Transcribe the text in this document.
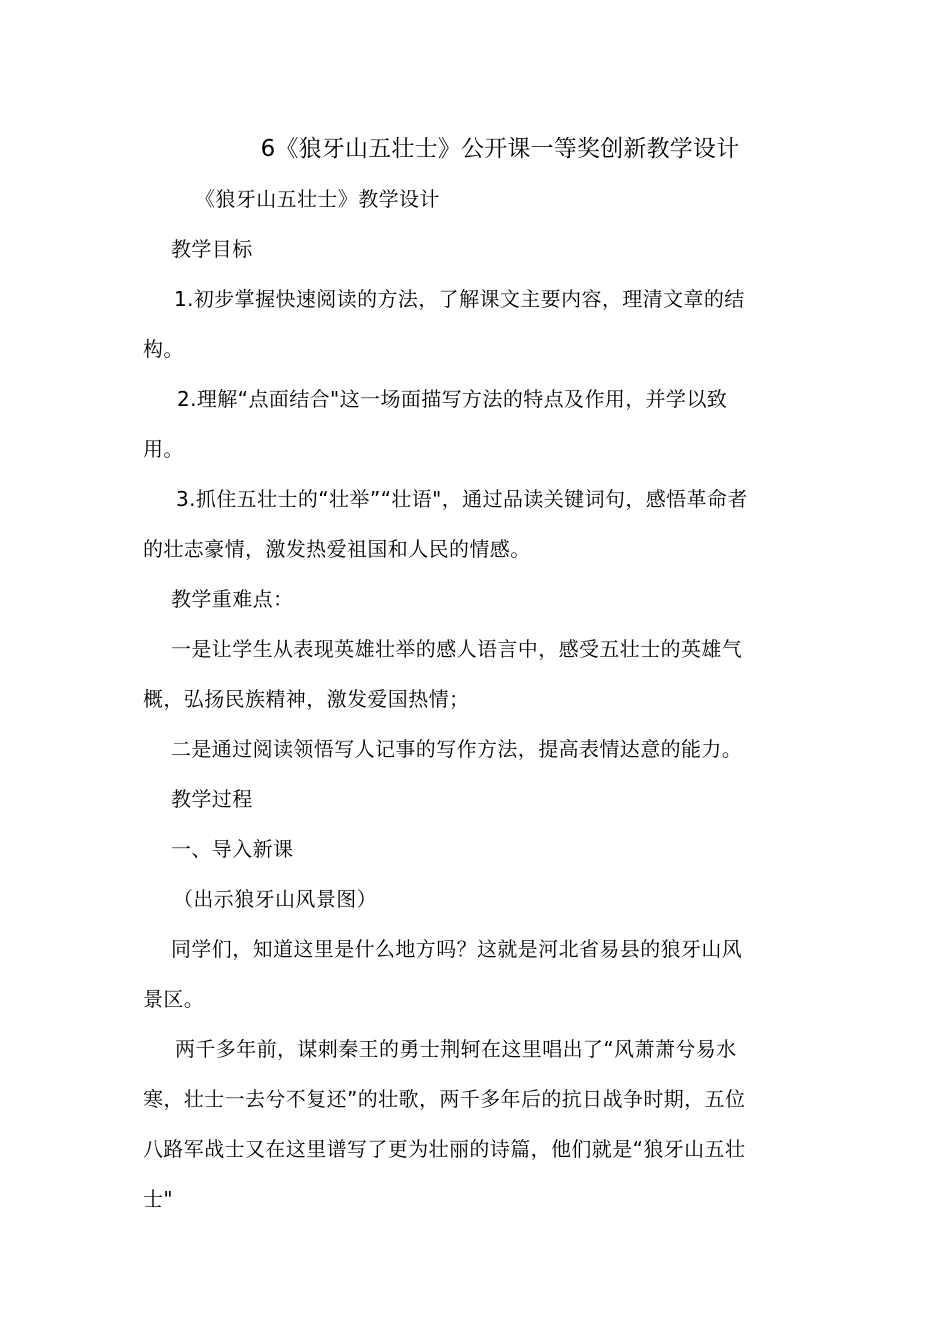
6《狼牙山五壮士》公开课一等奖创新教学设计
《狼牙山五壮士》教学设计
教学目标
1.初步掌握快速阅读的方法，了解课文主要内容，理清文章的结
构。
2.理解“点面结合"这一场面描写方法的特点及作用，并学以致
用。
3.抓住五壮士的“壮举”“壮语"，通过品读关键词句，感悟革命者
的壮志豪情，激发热爱祖国和人民的情感。
教学重难点：
一是让学生从表现英雄壮举的感人语言中，感受五壮士的英雄气
概，弘扬民族精神，激发爱国热情；
二是通过阅读领悟写人记事的写作方法，提高表情达意的能力。
教学过程
一、导入新课
（出示狼牙山风景图）
同学们，知道这里是什么地方吗？这就是河北省易县的狼牙山风
景区。
两千多年前，谋刺秦王的勇士荆轲在这里唱出了“风萧萧兮易水
寒，壮士一去兮不复还”的壮歌，两千多年后的抗日战争时期，五位
八路军战士又在这里谱写了更为壮丽的诗篇，他们就是“狼牙山五壮
士"
